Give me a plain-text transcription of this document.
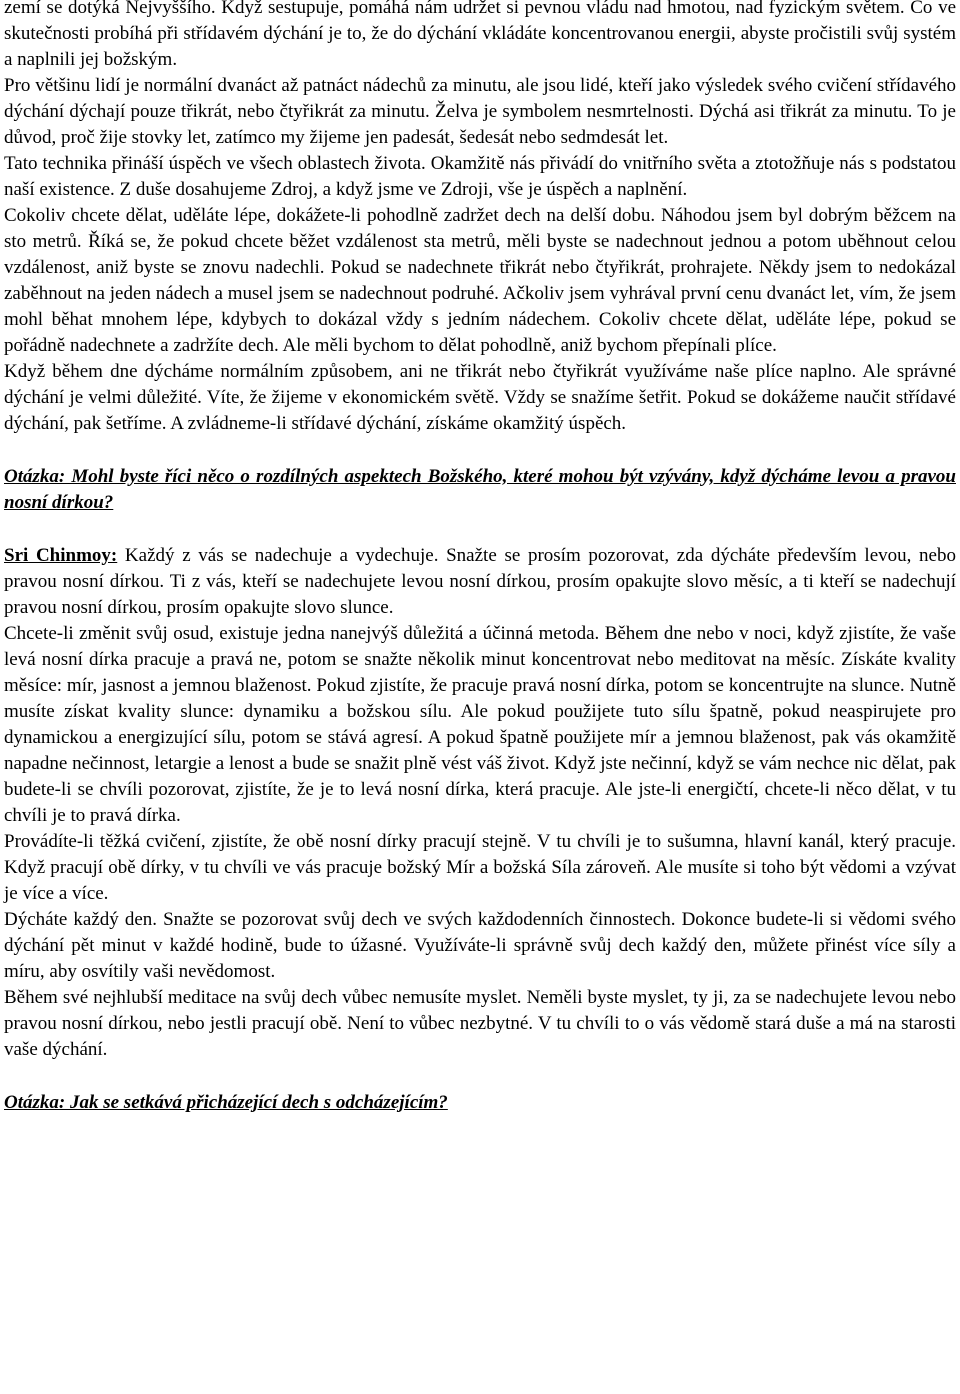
zemí se dotýká Nejvyššího. Když sestupuje, pomáhá nám udržet si pevnou vládu nad hmotou, nad fyzickým světem. Co ve skutečnosti probíhá při střídavém dýchání je to, že do dýchání vkládáte koncentrovanou energii, abyste pročistili svůj systém a naplnili jej božským.

Pro většinu lidí je normální dvanáct až patnáct nádechů za minutu, ale jsou lidé, kteří jako výsledek svého cvičení střídavého dýchání dýchají pouze třikrát, nebo čtyřikrát za minutu. Želva je symbolem nesmrtelnosti. Dýchá asi třikrát za minutu. To je důvod, proč žije stovky let, zatímco my žijeme jen padesát, šedesát nebo sedmdesát let.

Tato technika přináší úspěch ve všech oblastech života. Okamžitě nás přivádí do vnitřního světa a ztotožňuje nás s podstatou naší existence. Z duše dosahujeme Zdroj, a když jsme ve Zdroji, vše je úspěch a naplnění.

Cokoliv chcete dělat, uděláte lépe, dokážete-li pohodlně zadržet dech na delší dobu. Náhodou jsem byl dobrým běžcem na sto metrů. Říká se, že pokud chcete běžet vzdálenost sta metrů, měli byste se nadechnout jednou a potom uběhnout celou vzdálenost, aniž byste se znovu nadechli. Pokud se nadechnete třikrát nebo čtyřikrát, prohrajete. Někdy jsem to nedokázal zaběhnout na jeden nádech a musel jsem se nadechnout podruhé. Ačkoliv jsem vyhrával první cenu dvanáct let, vím, že jsem mohl běhat mnohem lépe, kdybych to dokázal vždy s jedním nádechem. Cokoliv chcete dělat, uděláte lépe, pokud se pořádně nadechnete a zadržíte dech. Ale měli bychom to dělat pohodlně, aniž bychom přepínali plíce.

Když během dne dýcháme normálním způsobem, ani ne třikrát nebo čtyřikrát využíváme naše plíce naplno. Ale správné dýchání je velmi důležité. Víte, že žijeme v ekonomickém světě. Vždy se snažíme šetřit. Pokud se dokážeme naučit střídavé dýchání, pak šetříme. A zvládneme-li střídavé dýchání, získáme okamžitý úspěch.

Otázka: Mohl byste říci něco o rozdílných aspektech Božského, které mohou být vzývány, když dýcháme levou a pravou nosní dírkou?

Sri Chinmoy: Každý z vás se nadechuje a vydechuje. Snažte se prosím pozorovat, zda dýcháte především levou, nebo pravou nosní dírkou. Ti z vás, kteří se nadechujete levou nosní dírkou, prosím opakujte slovo měsíc, a ti kteří se nadechují pravou nosní dírkou, prosím opakujte slovo slunce.

Chcete-li změnit svůj osud, existuje jedna nanejvýš důležitá a účinná metoda. Během dne nebo v noci, když zjistíte, že vaše levá nosní dírka pracuje a pravá ne, potom se snažte několik minut koncentrovat nebo meditovat na měsíc. Získáte kvality měsíce: mír, jasnost a jemnou blaženost. Pokud zjistíte, že pracuje pravá nosní dírka, potom se koncentrujte na slunce. Nutně musíte získat kvality slunce: dynamiku a božskou sílu. Ale pokud použijete tuto sílu špatně, pokud neaspirujete pro dynamickou a energizující sílu, potom se stává agresí. A pokud špatně použijete mír a jemnou blaženost, pak vás okamžitě napadne nečinnost, letargie a lenost a bude se snažit plně vést váš život. Když jste nečinní, když se vám nechce nic dělat, pak budete-li se chvíli pozorovat, zjistíte, že je to levá nosní dírka, která pracuje. Ale jste-li energičtí, chcete-li něco dělat, v tu chvíli je to pravá dírka.

Provádíte-li těžká cvičení, zjistíte, že obě nosní dírky pracují stejně. V tu chvíli je to sušumna, hlavní kanál, který pracuje. Když pracují obě dírky, v tu chvíli ve vás pracuje božský Mír a božská Síla zároveň. Ale musíte si toho být vědomi a vzývat je více a více.

Dýcháte každý den. Snažte se pozorovat svůj dech ve svých každodenních činnostech. Dokonce budete-li si vědomi svého dýchání pět minut v každé hodině, bude to úžasné. Využíváte-li správně svůj dech každý den, můžete přinést více síly a míru, aby osvítily vaši nevědomost.

Během své nejhlubší meditace na svůj dech vůbec nemusíte myslet. Neměli byste myslet, ty ji, za se nadechujete levou nebo pravou nosní dírkou, nebo jestli pracují obě. Není to vůbec nezbytné. V tu chvíli to o vás vědomě stará duše a má na starosti vaše dýchání.

Otázka: Jak se setkává přicházející dech s odcházejícím?
